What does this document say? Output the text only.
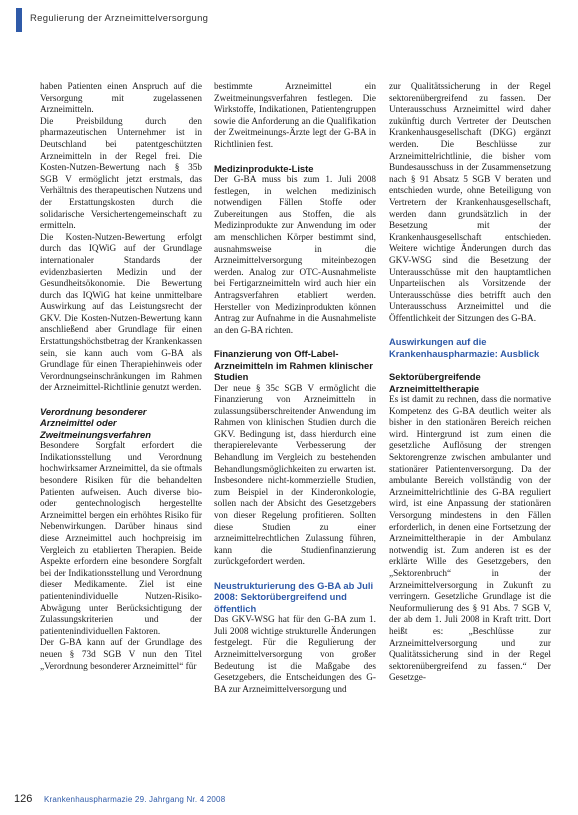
Regulierung der Arzneimittelversorgung

haben Patienten einen Anspruch auf die Versorgung mit zugelassenen Arzneimitteln.

Die Preisbildung durch den pharmazeutischen Unternehmer ist in Deutschland bei patentgeschützten Arzneimitteln in der Regel frei. Die Kosten-Nutzen-Bewertung nach § 35b SGB V ermöglicht jetzt erstmals, das Verhältnis des therapeutischen Nutzens und der Erstattungskosten durch die solidarische Versichertengemeinschaft zu ermitteln.

Die Kosten-Nutzen-Bewertung erfolgt durch das IQWiG auf der Grundlage internationaler Standards der evidenzbasierten Medizin und der Gesundheitsökonomie. Die Bewertung durch das IQWiG hat keine unmittelbare Auswirkung auf das Leistungsrecht der GKV. Die Kosten-Nutzen-Bewertung kann anschließend aber Grundlage für einen Erstattungshöchstbetrag der Krankenkassen sein, sie kann auch vom G-BA als Grundlage für einen Therapiehinweis oder Verordnungseinschränkungen im Rahmen der Arzneimittel-Richtlinie genutzt werden.

Verordnung besonderer Arzneimittel oder Zweitmeinungsverfahren

Besondere Sorgfalt erfordert die Indikationsstellung und Verordnung hochwirksamer Arzneimittel, da sie oftmals besondere Risiken für die behandelten Patienten aufweisen. Auch diverse bio- oder gentechnologisch hergestellte Arzneimittel bergen ein erhöhtes Risiko für Nebenwirkungen. Darüber hinaus sind diese Arzneimittel auch hochpreisig im Vergleich zu etablierten Therapien. Beide Aspekte erfordern eine besondere Sorgfalt bei der Indikationsstellung und Verordnung dieser Medikamente. Ziel ist eine patientenindividuelle Nutzen-Risiko-Abwägung unter Berücksichtigung der Zulassungskriterien und der patientenindividuellen Faktoren.

Der G-BA kann auf der Grundlage des neuen § 73d SGB V nun den Titel „Verordnung besonderer Arzneimittel“ für

bestimmte Arzneimittel ein Zweitmeinungsverfahren festlegen. Die Wirkstoffe, Indikationen, Patientengruppen sowie die Anforderung an die Qualifikation der Zweitmeinungs-Ärzte legt der G-BA in Richtlinien fest.

Medizinprodukte-Liste

Der G-BA muss bis zum 1. Juli 2008 festlegen, in welchen medizinisch notwendigen Fällen Stoffe oder Zubereitungen aus Stoffen, die als Medizinprodukte zur Anwendung im oder am menschlichen Körper bestimmt sind, ausnahmsweise in die Arzneimittelversorgung miteinbezogen werden. Analog zur OTC-Ausnahmeliste bei Fertigarzneimitteln wird auch hier ein Antragsverfahren etabliert werden. Hersteller von Medizinprodukten können Antrag zur Aufnahme in die Ausnahmeliste an den G-BA richten.

Finanzierung von Off-Label-Arzneimitteln im Rahmen klinischer Studien

Der neue § 35c SGB V ermöglicht die Finanzierung von Arzneimitteln in zulassungsüberschreitender Anwendung im Rahmen von klinischen Studien durch die GKV. Bedingung ist, dass hierdurch eine therapierelevante Verbesserung der Behandlung im Vergleich zu bestehenden Behandlungsmöglichkeiten zu erwarten ist. Insbesondere nicht-kommerzielle Studien, zum Beispiel in der Kinderonkologie, sollen nach der Absicht des Gesetzgebers von dieser Regelung profitieren. Sollten diese Studien zu einer arzneimittelrechtlichen Zulassung führen, kann die Studienfinanzierung zurückgefordert werden.

Neustrukturierung des G-BA ab Juli 2008: Sektorübergreifend und öffentlich

Das GKV-WSG hat für den G-BA zum 1. Juli 2008 wichtige strukturelle Änderungen festgelegt. Für die Regulierung der Arzneimittelversorgung von großer Bedeutung ist die Maßgabe des Gesetzgebers, die Entscheidungen des G-BA zur Arzneimittelversorgung und

zur Qualitätssicherung in der Regel sektorenübergreifend zu fassen. Der Unterausschuss Arzneimittel wird daher zukünftig durch Vertreter der Deutschen Krankenhausgesellschaft (DKG) ergänzt werden. Die Beschlüsse zur Arzneimittelrichtlinie, die bisher vom Bundesausschuss in der Zusammensetzung nach § 91 Absatz 5 SGB V beraten und entschieden wurde, ohne Beteiligung von Vertretern der Krankenhausgesellschaft, werden dann grundsätzlich in der Besetzung mit der Krankenhausgesellschaft entschieden. Weitere wichtige Änderungen durch das GKV-WSG sind die Besetzung der Unterausschüsse mit den hauptamtlichen Unparteiischen als Vorsitzende der Unterausschüsse dies betrifft auch den Unterausschuss Arzneimittel und die Öffentlichkeit der Sitzungen des G-BA.

Auswirkungen auf die Krankenhauspharmazie: Ausblick

Sektorübergreifende Arzneimitteltherapie

Es ist damit zu rechnen, dass die normative Kompetenz des G-BA deutlich weiter als bisher in den stationären Bereich reichen wird. Hintergrund ist zum einen die gesetzliche Auflösung der strengen Sektorengrenze zwischen ambulanter und stationärer Patientenversorgung. Da der ambulante Bereich vollständig von der Arzneimittelrichtlinie des G-BA reguliert wird, ist eine Anpassung der stationären Versorgung mindestens in den Fällen erforderlich, in denen eine Fortsetzung der Arzneimitteltherapie in der Ambulanz notwendig ist. Zum anderen ist es der erklärte Wille des Gesetzgebers, den „Sektorenbruch“ in der Arzneimittelversorgung in Zukunft zu verringern. Gesetzliche Grundlage ist die Neuformulierung des § 91 Abs. 7 SGB V, der ab dem 1. Juli 2008 in Kraft tritt. Dort heißt es: „Beschlüsse zur Arzneimittelversorgung und zur Qualitätssicherung sind in der Regel sektorenübergreifend zu fassen.“ Der Gesetzge-

126 Krankenhauspharmazie 29. Jahrgang Nr. 4 2008
